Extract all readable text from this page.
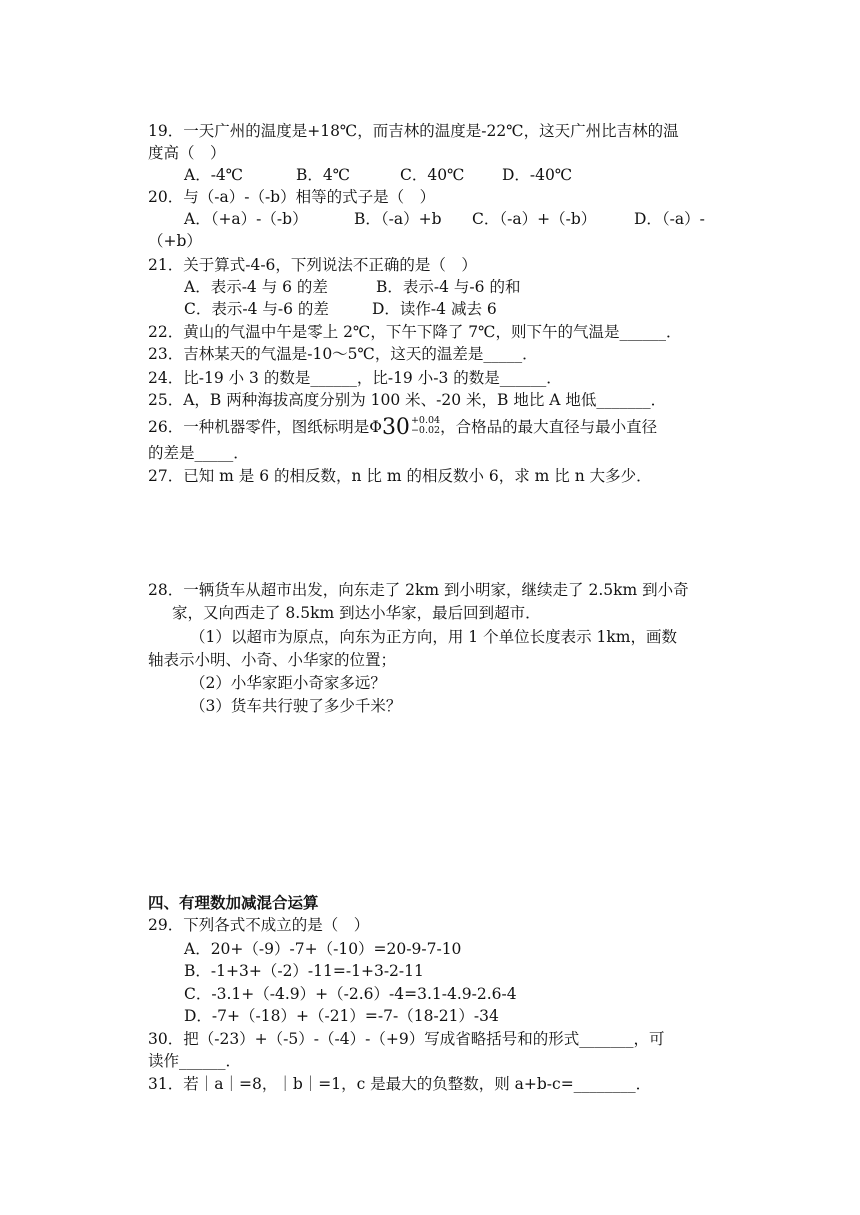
19．一天广州的温度是+18℃，而吉林的温度是-22℃，这天广州比吉林的温
度高（　）
A．-4℃	B．4℃	C．40℃ D．-40℃
20．与（-a）-（-b）相等的式子是（　）
A．（+a）-（-b）	B．（-a）+b C．（-a）+（-b） D．（-a）-
（+b）
21．关于算式-4-6，下列说法不正确的是（　）
A．表示-4 与 6 的差	B．表示-4 与-6 的和
C．表示-4 与-6 的差	D．读作-4 减去 6
22．黄山的气温中午是零上 2℃，下午下降了 7℃，则下午的气温是______．
23．吉林某天的气温是-10～5℃，这天的温差是_____．
24．比-19 小 3 的数是______，比-19 小-3 的数是______．
25．A，B 两种海拔高度分别为 100 米、-20 米，B 地比 A 地低_______．
26．一种机器零件，图纸标明是Φ30 +0.04
−0.02 ，合格品的最大直径与最小直径
的差是_____．
27．已知 m 是 6 的相反数，n 比 m 的相反数小 6，求 m 比 n 大多少．
28．一辆货车从超市出发，向东走了 2km 到小明家，继续走了 2.5km 到小奇
家，又向西走了 8.5km 到达小华家，最后回到超市．
（1）以超市为原点，向东为正方向，用 1 个单位长度表示 1km，画数
轴表示小明、小奇、小华家的位置；
（2）小华家距小奇家多远？
（3）货车共行驶了多少千米？
四、有理数加减混合运算
29．下列各式不成立的是（　）
A．20+（-9）-7+（-10）=20-9-7-10
B．-1+3+（-2）-11=-1+3-2-11
C．-3.1+（-4.9）+（-2.6）-4=3.1-4.9-2.6-4
D．-7+（-18）+（-21）=-7-（18-21）-34
30．把（-23）+（-5）-（-4）-（+9）写成省略括号和的形式_______，可
读作______．
31．若｜a｜=8，｜b｜=1，c 是最大的负整数，则 a+b-c=________．
